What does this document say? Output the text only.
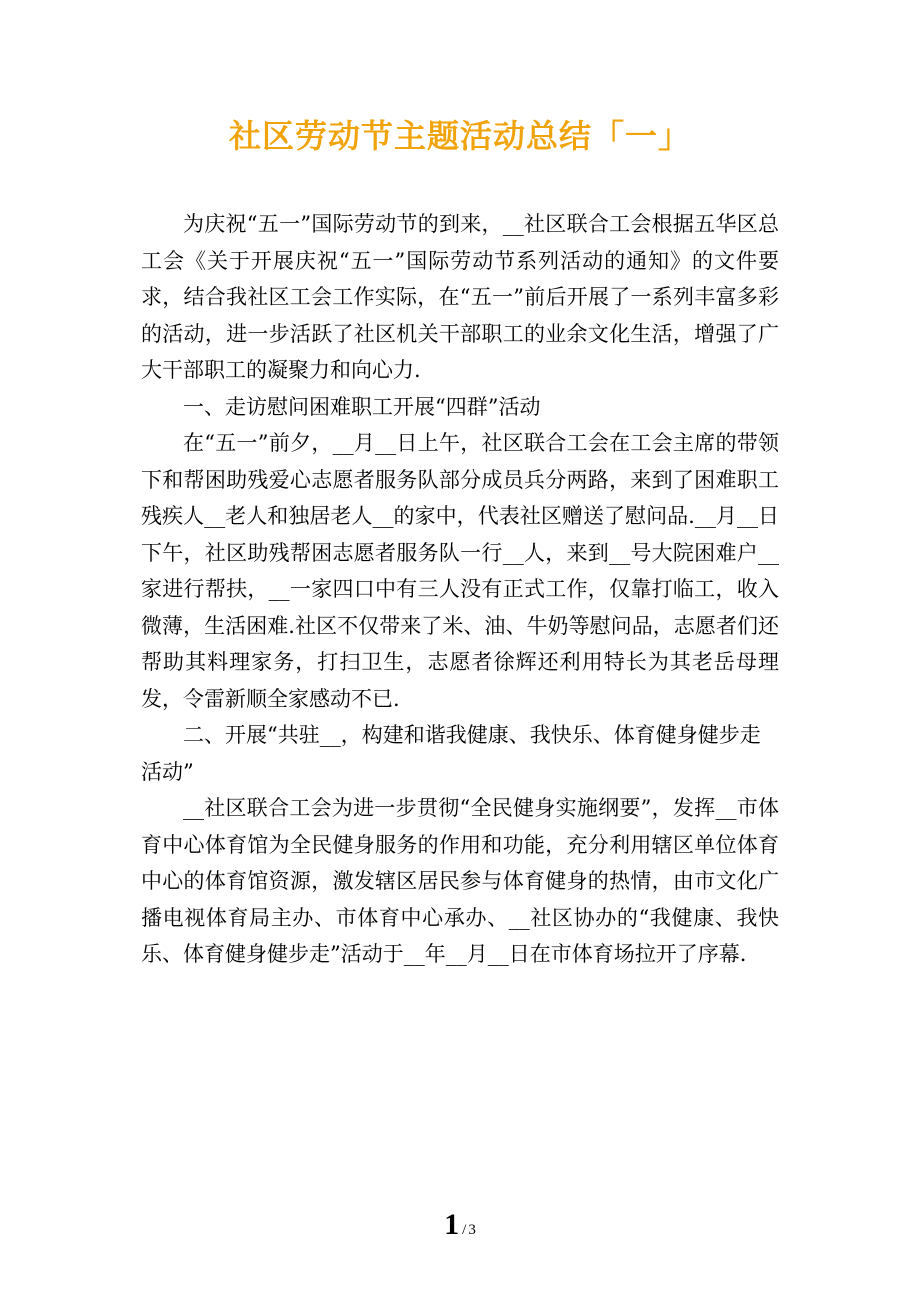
社区劳动节主题活动总结「一」

为庆祝“五一”国际劳动节的到来，__社区联合工会根据五华区总工会《关于开展庆祝“五一”国际劳动节系列活动的通知》的文件要求，结合我社区工会工作实际，在“五一”前后开展了一系列丰富多彩的活动，进一步活跃了社区机关干部职工的业余文化生活，增强了广大干部职工的凝聚力和向心力.

一、走访慰问困难职工开展“四群”活动

在“五一”前夕，__月__日上午，社区联合工会在工会主席的带领下和帮困助残爱心志愿者服务队部分成员兵分两路，来到了困难职工残疾人__老人和独居老人__的家中，代表社区赠送了慰问品.__月__日下午，社区助残帮困志愿者服务队一行__人，来到__号大院困难户__家进行帮扶，__一家四口中有三人没有正式工作，仅靠打临工，收入微薄，生活困难.社区不仅带来了米、油、牛奶等慰问品，志愿者们还帮助其料理家务，打扫卫生，志愿者徐辉还利用特长为其老岳母理发，令雷新顺全家感动不已.

二、开展“共驻__，构建和谐我健康、我快乐、体育健身健步走活动”

__社区联合工会为进一步贯彻“全民健身实施纲要”，发挥__市体育中心体育馆为全民健身服务的作用和功能，充分利用辖区单位体育中心的体育馆资源，激发辖区居民参与体育健身的热情，由市文化广播电视体育局主办、市体育中心承办、__社区协办的“我健康、我快乐、体育健身健步走”活动于__年__月__日在市体育场拉开了序幕.

1 / 3
